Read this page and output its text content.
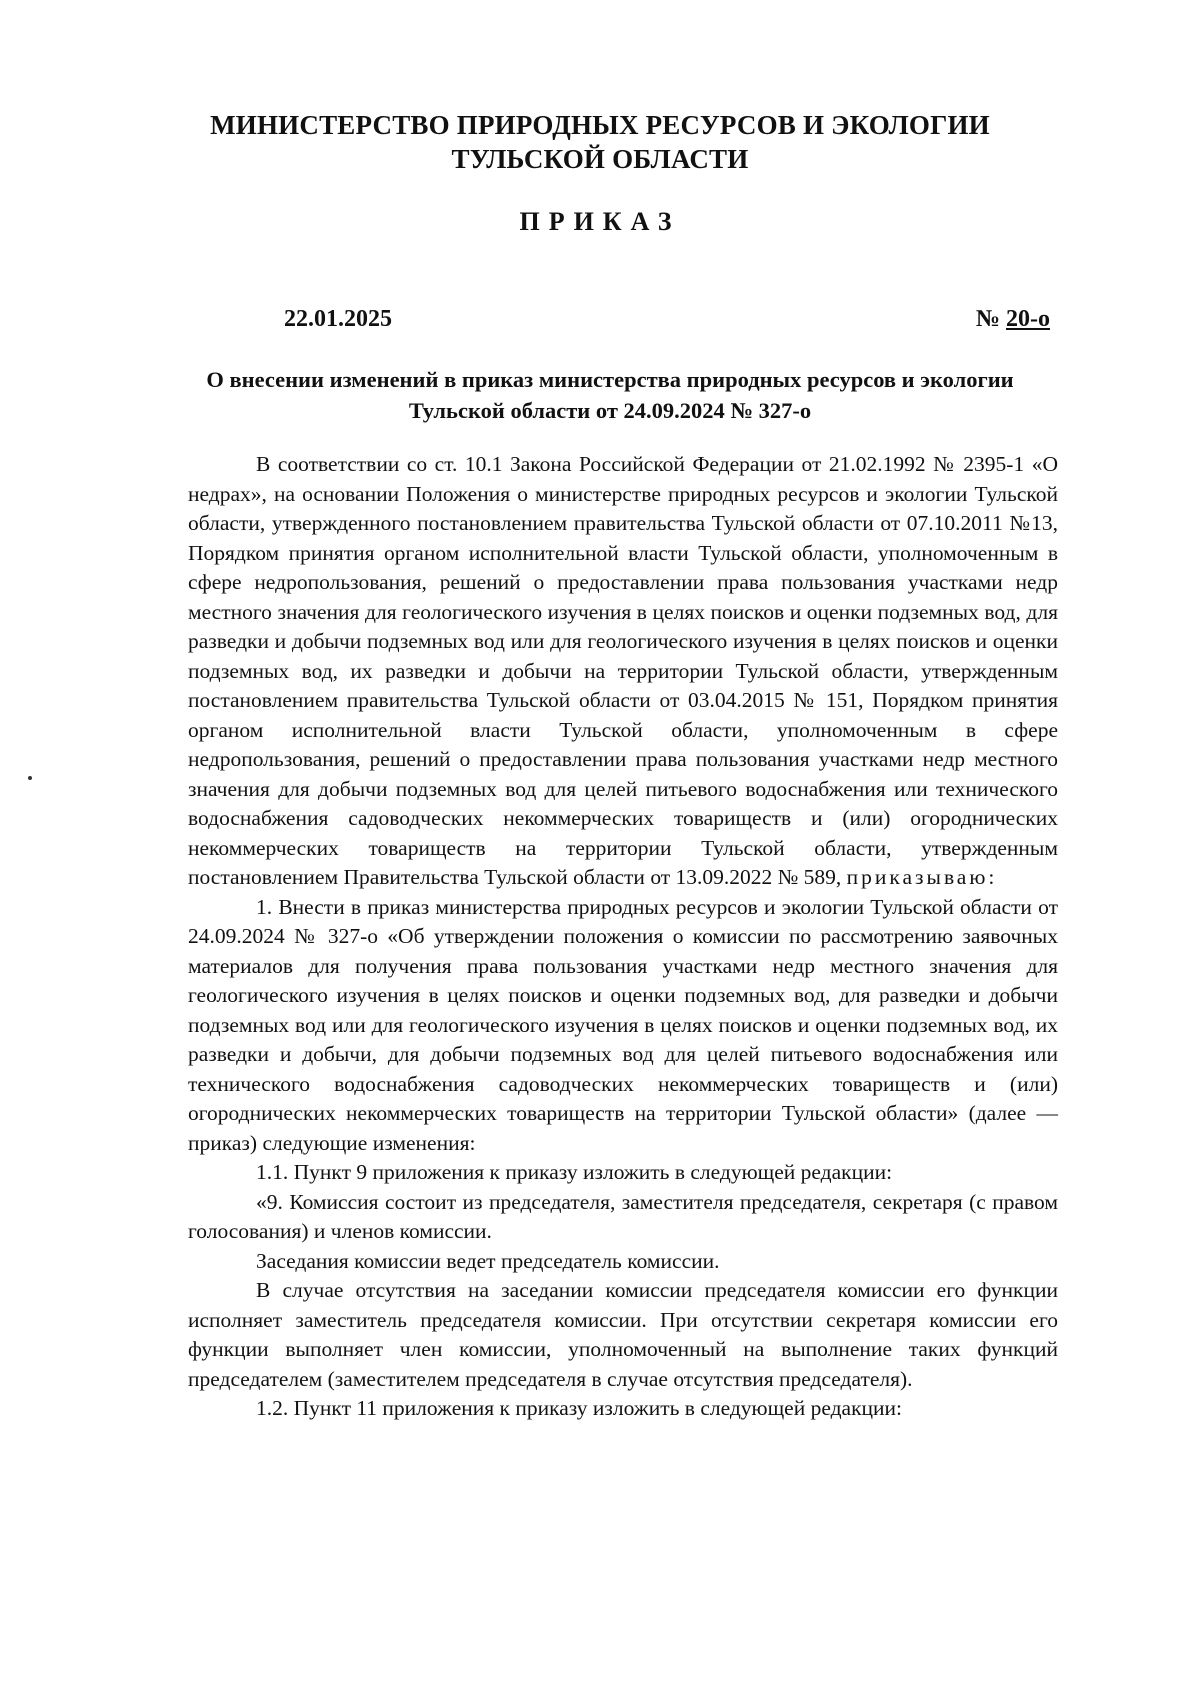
МИНИСТЕРСТВО ПРИРОДНЫХ РЕСУРСОВ И ЭКОЛОГИИ
ТУЛЬСКОЙ ОБЛАСТИ
ПРИКАЗ
22.01.2025	№ 20-о
О внесении изменений в приказ министерства природных ресурсов и экологии
Тульской области от 24.09.2024 № 327-о

В соответствии со ст. 10.1 Закона Российской Федерации от 21.02.1992 № 2395-1 «О недрах», на основании Положения о министерстве природных ресурсов и экологии Тульской области, утвержденного постановлением правительства Тульской области от 07.10.2011 №13, Порядком принятия органом исполнительной власти Тульской области, уполномоченным в сфере недропользования, решений о предоставлении права пользования участками недр местного значения для геологического изучения в целях поисков и оценки подземных вод, для разведки и добычи подземных вод или для геологического изучения в целях поисков и оценки подземных вод, их разведки и добычи на территории Тульской области, утвержденным постановлением правительства Тульской области от 03.04.2015 № 151, Порядком принятия органом исполнительной власти Тульской области, уполномоченным в сфере недропользования, решений о предоставлении права пользования участками недр местного значения для добычи подземных вод для целей питьевого водоснабжения или технического водоснабжения садоводческих некоммерческих товариществ и (или) огороднических некоммерческих товариществ на территории Тульской области, утвержденным постановлением Правительства Тульской области от 13.09.2022 № 589, приказываю:

1. Внести в приказ министерства природных ресурсов и экологии Тульской области от 24.09.2024 № 327-о «Об утверждении положения о комиссии по рассмотрению заявочных материалов для получения права пользования участками недр местного значения для геологического изучения в целях поисков и оценки подземных вод, для разведки и добычи подземных вод или для геологического изучения в целях поисков и оценки подземных вод, их разведки и добычи, для добычи подземных вод для целей питьевого водоснабжения или технического водоснабжения садоводческих некоммерческих товариществ и (или) огороднических некоммерческих товариществ на территории Тульской области» (далее — приказ) следующие изменения:

1.1. Пункт 9 приложения к приказу изложить в следующей редакции:

«9. Комиссия состоит из председателя, заместителя председателя, секретаря (с правом голосования) и членов комиссии.

Заседания комиссии ведет председатель комиссии.

В случае отсутствия на заседании комиссии председателя комиссии его функции исполняет заместитель председателя комиссии. При отсутствии секретаря комиссии его функции выполняет член комиссии, уполномоченный на выполнение таких функций председателем (заместителем председателя в случае отсутствия председателя).

1.2. Пункт 11 приложения к приказу изложить в следующей редакции:
